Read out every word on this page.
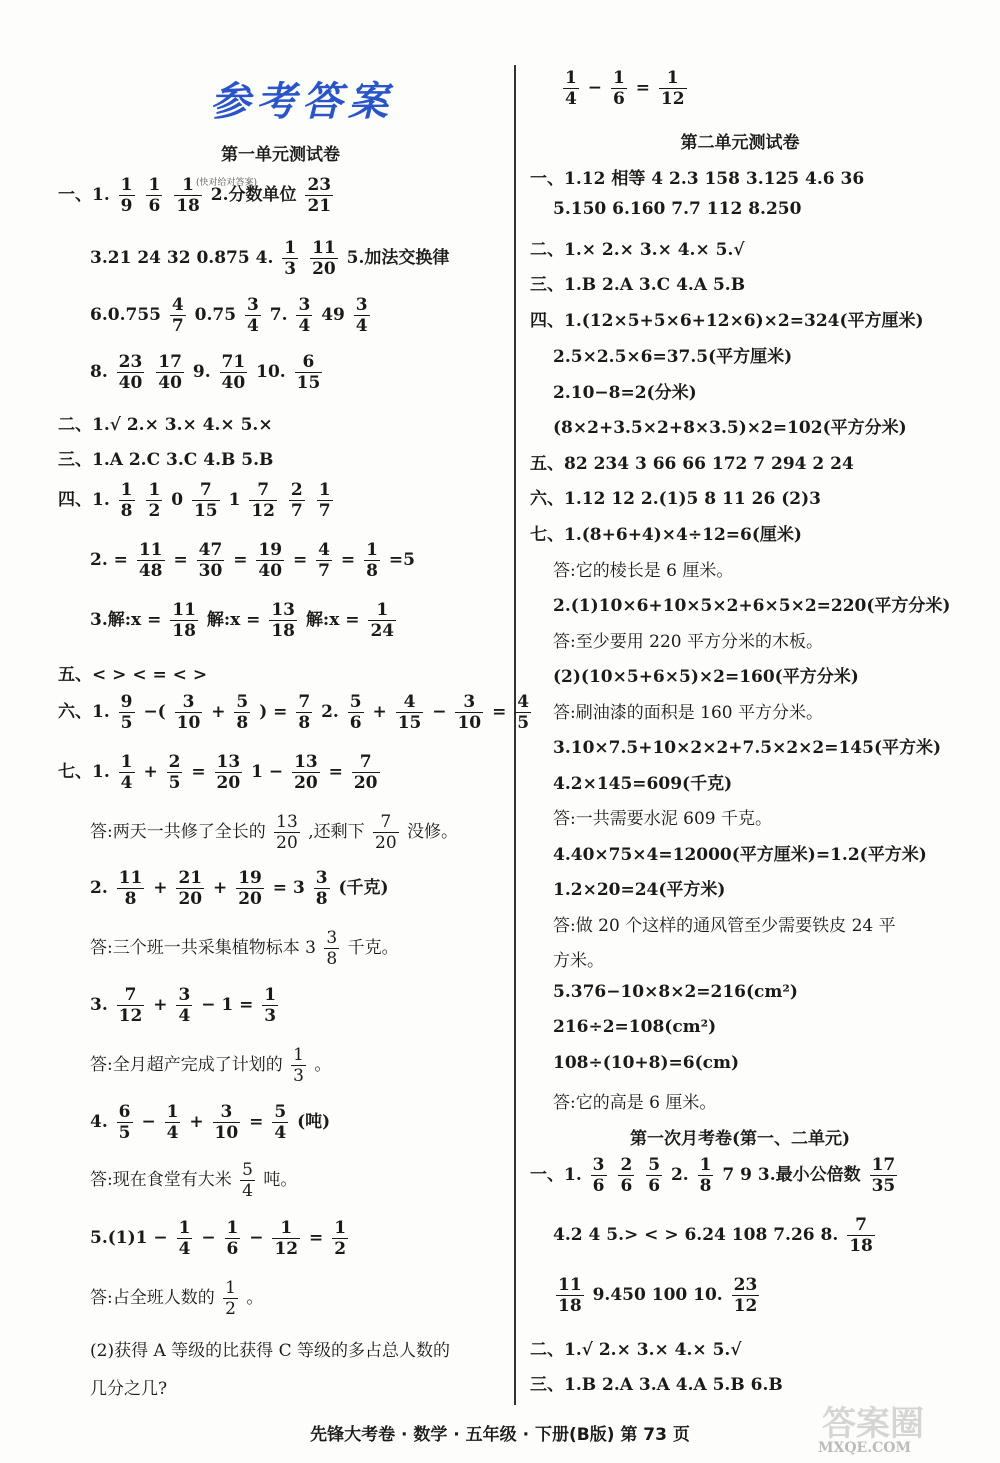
参考答案
(快对给对答案)
第一单元测试卷
一、1. $\frac{1}{9}$
$\frac{1}{6}$
$\frac{1}{18} 2$.分数单位 $\frac{23}{21}$
3.21 24 32 0.875 4. $\frac{1}{3}$
$\frac{11}{20} 5$.加法交换律
$6.0.755 \frac{4}{7} 0.75 \frac{3}{4} 7$. $\frac{3}{4} 49 \frac{3}{4}$
8. $\frac{23}{40}$
$\frac{17}{40} 9$. $\frac{71}{40} 10$. $\frac{6}{15}$
二、1.√ 2.× 3.× 4.× 5.×
三、1.A 2.C 3.C 4.B 5.B
四、1. $\frac{1}{8}$
$\frac{1}{2} 0 \frac{7}{15} 1 \frac{7}{12}$
$\frac{2}{7}$
$\frac{1}{7}$
2. = $\frac{11}{48} = \frac{47}{30} = \frac{19}{40} = \frac{4}{7} = \frac{1}{8} =5$
3.解:x = $\frac{11}{18}$ 解:x = $\frac{13}{18}$ 解:x = $\frac{1}{24}$
五、< > < = < >
六、1. $\frac{9}{5}$ −( $\frac{3}{10} + \frac{5}{8}$ ) = $\frac{7}{8} 2$. $\frac{5}{6} + \frac{4}{15} - \frac{3}{10} = \frac{4}{5}$
七、1. $\frac{1}{4} + \frac{2}{5} = \frac{13}{20} 1 - \frac{13}{20} = \frac{7}{20}$
答:两天一共修了全长的 $\frac{13}{20}$ ,还剩下 $\frac{7}{20}$ 没修。
2. $\frac{11}{8} + \frac{21}{20} + \frac{19}{20} = 3 \frac{3}{8}$ (千克)
答:三个班一共采集植物标本 $3 \frac{3}{8}$ 千克。
3. $\frac{7}{12} + \frac{3}{4} - 1 = \frac{1}{3}$
答:全月超产完成了计划的 $\frac{1}{3}$ 。
4. $\frac{6}{5} - \frac{1}{4} + \frac{3}{10} = \frac{5}{4}$ (吨)
答:现在食堂有大米 $\frac{5}{4}$ 吨。
$5.(1)1 - \frac{1}{4} - \frac{1}{6} - \frac{1}{12} = \frac{1}{2}$
答:占全班人数的 $\frac{1}{2}$ 。
(2)获得 A 等级的比获得 C 等级的多占总人数的
几分之几?
$\frac{1}{4} - \frac{1}{6} = \frac{1}{12}$
第二单元测试卷
一、1.12 相等 4 2.3 158 3.125 4.6 36
5.150 6.160 7.7 112 8.250
二、1.× 2.× 3.× 4.× 5.√
三、1.B 2.A 3.C 4.A 5.B
四、1.(12×5+5×6+12×6)×2=324(平方厘米)
2.5×2.5×6=37.5(平方厘米)
2.10−8=2(分米)
(8×2+3.5×2+8×3.5)×2=102(平方分米)
五、82 234 3 66 66 172 7 294 2 24
六、1.12 12 2.(1)5 8 11 26 (2)3
七、1.(8+6+4)×4÷12=6(厘米)
答:它的棱长是 6 厘米。
2.(1)10×6+10×5×2+6×5×2=220(平方分米)
答:至少要用 220 平方分米的木板。
(2)(10×5+6×5)×2=160(平方分米)
答:刷油漆的面积是 160 平方分米。
3.10×7.5+10×2×2+7.5×2×2=145(平方米)
4.2×145=609(千克)
答:一共需要水泥 609 千克。
4.40×75×4=12000(平方厘米)=1.2(平方米)
1.2×20=24(平方米)
答:做 20 个这样的通风管至少需要铁皮 24 平
方米。
5.376−10×8×2=216(cm²)
216÷2=108(cm²)
108÷(10+8)=6(cm)
答:它的高是 6 厘米。
第一次月考卷(第一、二单元)
一、1. $\frac{3}{6}$
$\frac{2}{6}$
$\frac{5}{6} 2$. $\frac{1}{8} 7$ 9 3.最小公倍数 $\frac{17}{35}$
4.2 4 5.> < > 6.24 108 7.26 8. $\frac{7}{18}$
$\frac{11}{18} 9.450$ 100 10. $\frac{23}{12}$
二、1.√ 2.× 3.× 4.× 5.√
三、1.B 2.A 3.A 4.A 5.B 6.B
先锋大考卷 · 数学 · 五年级 · 下册(B版) 第 73 页	答案圈
MXQE.COM
